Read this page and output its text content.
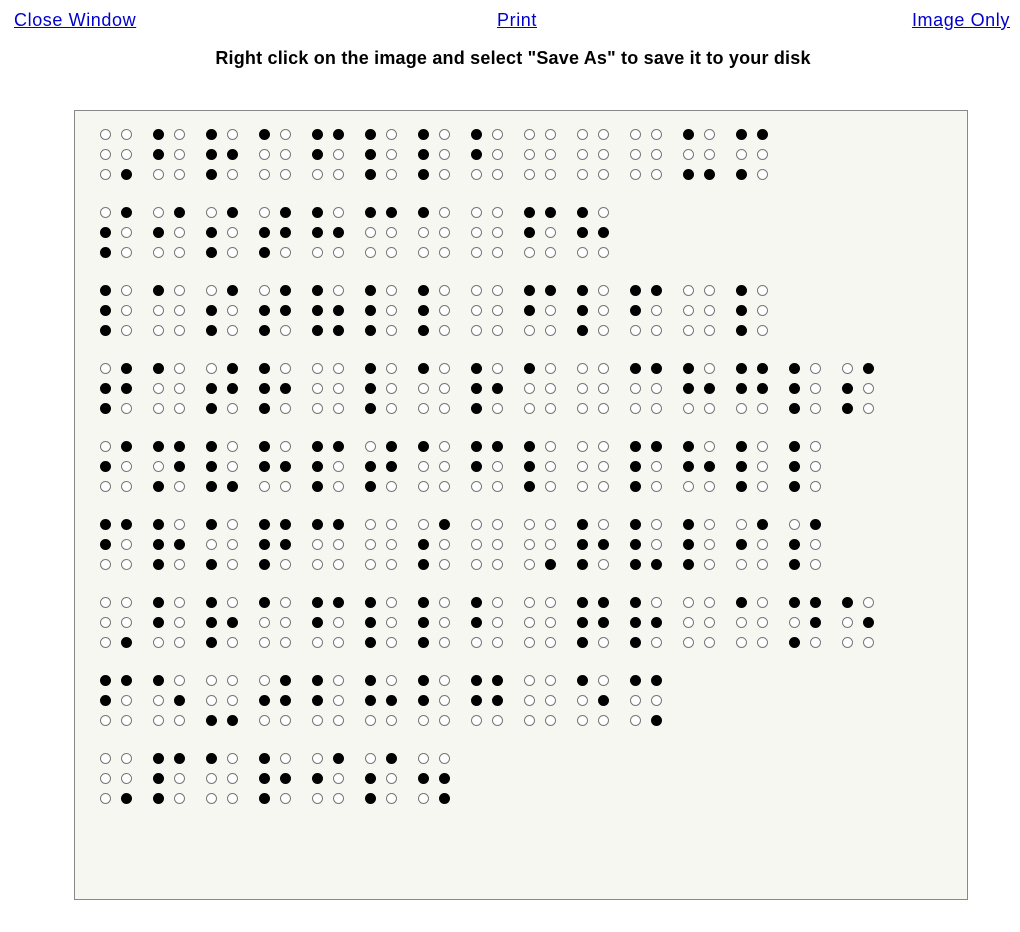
Close Window	Print	Image Only
Right click on the image and select "Save As" to save it to your disk
